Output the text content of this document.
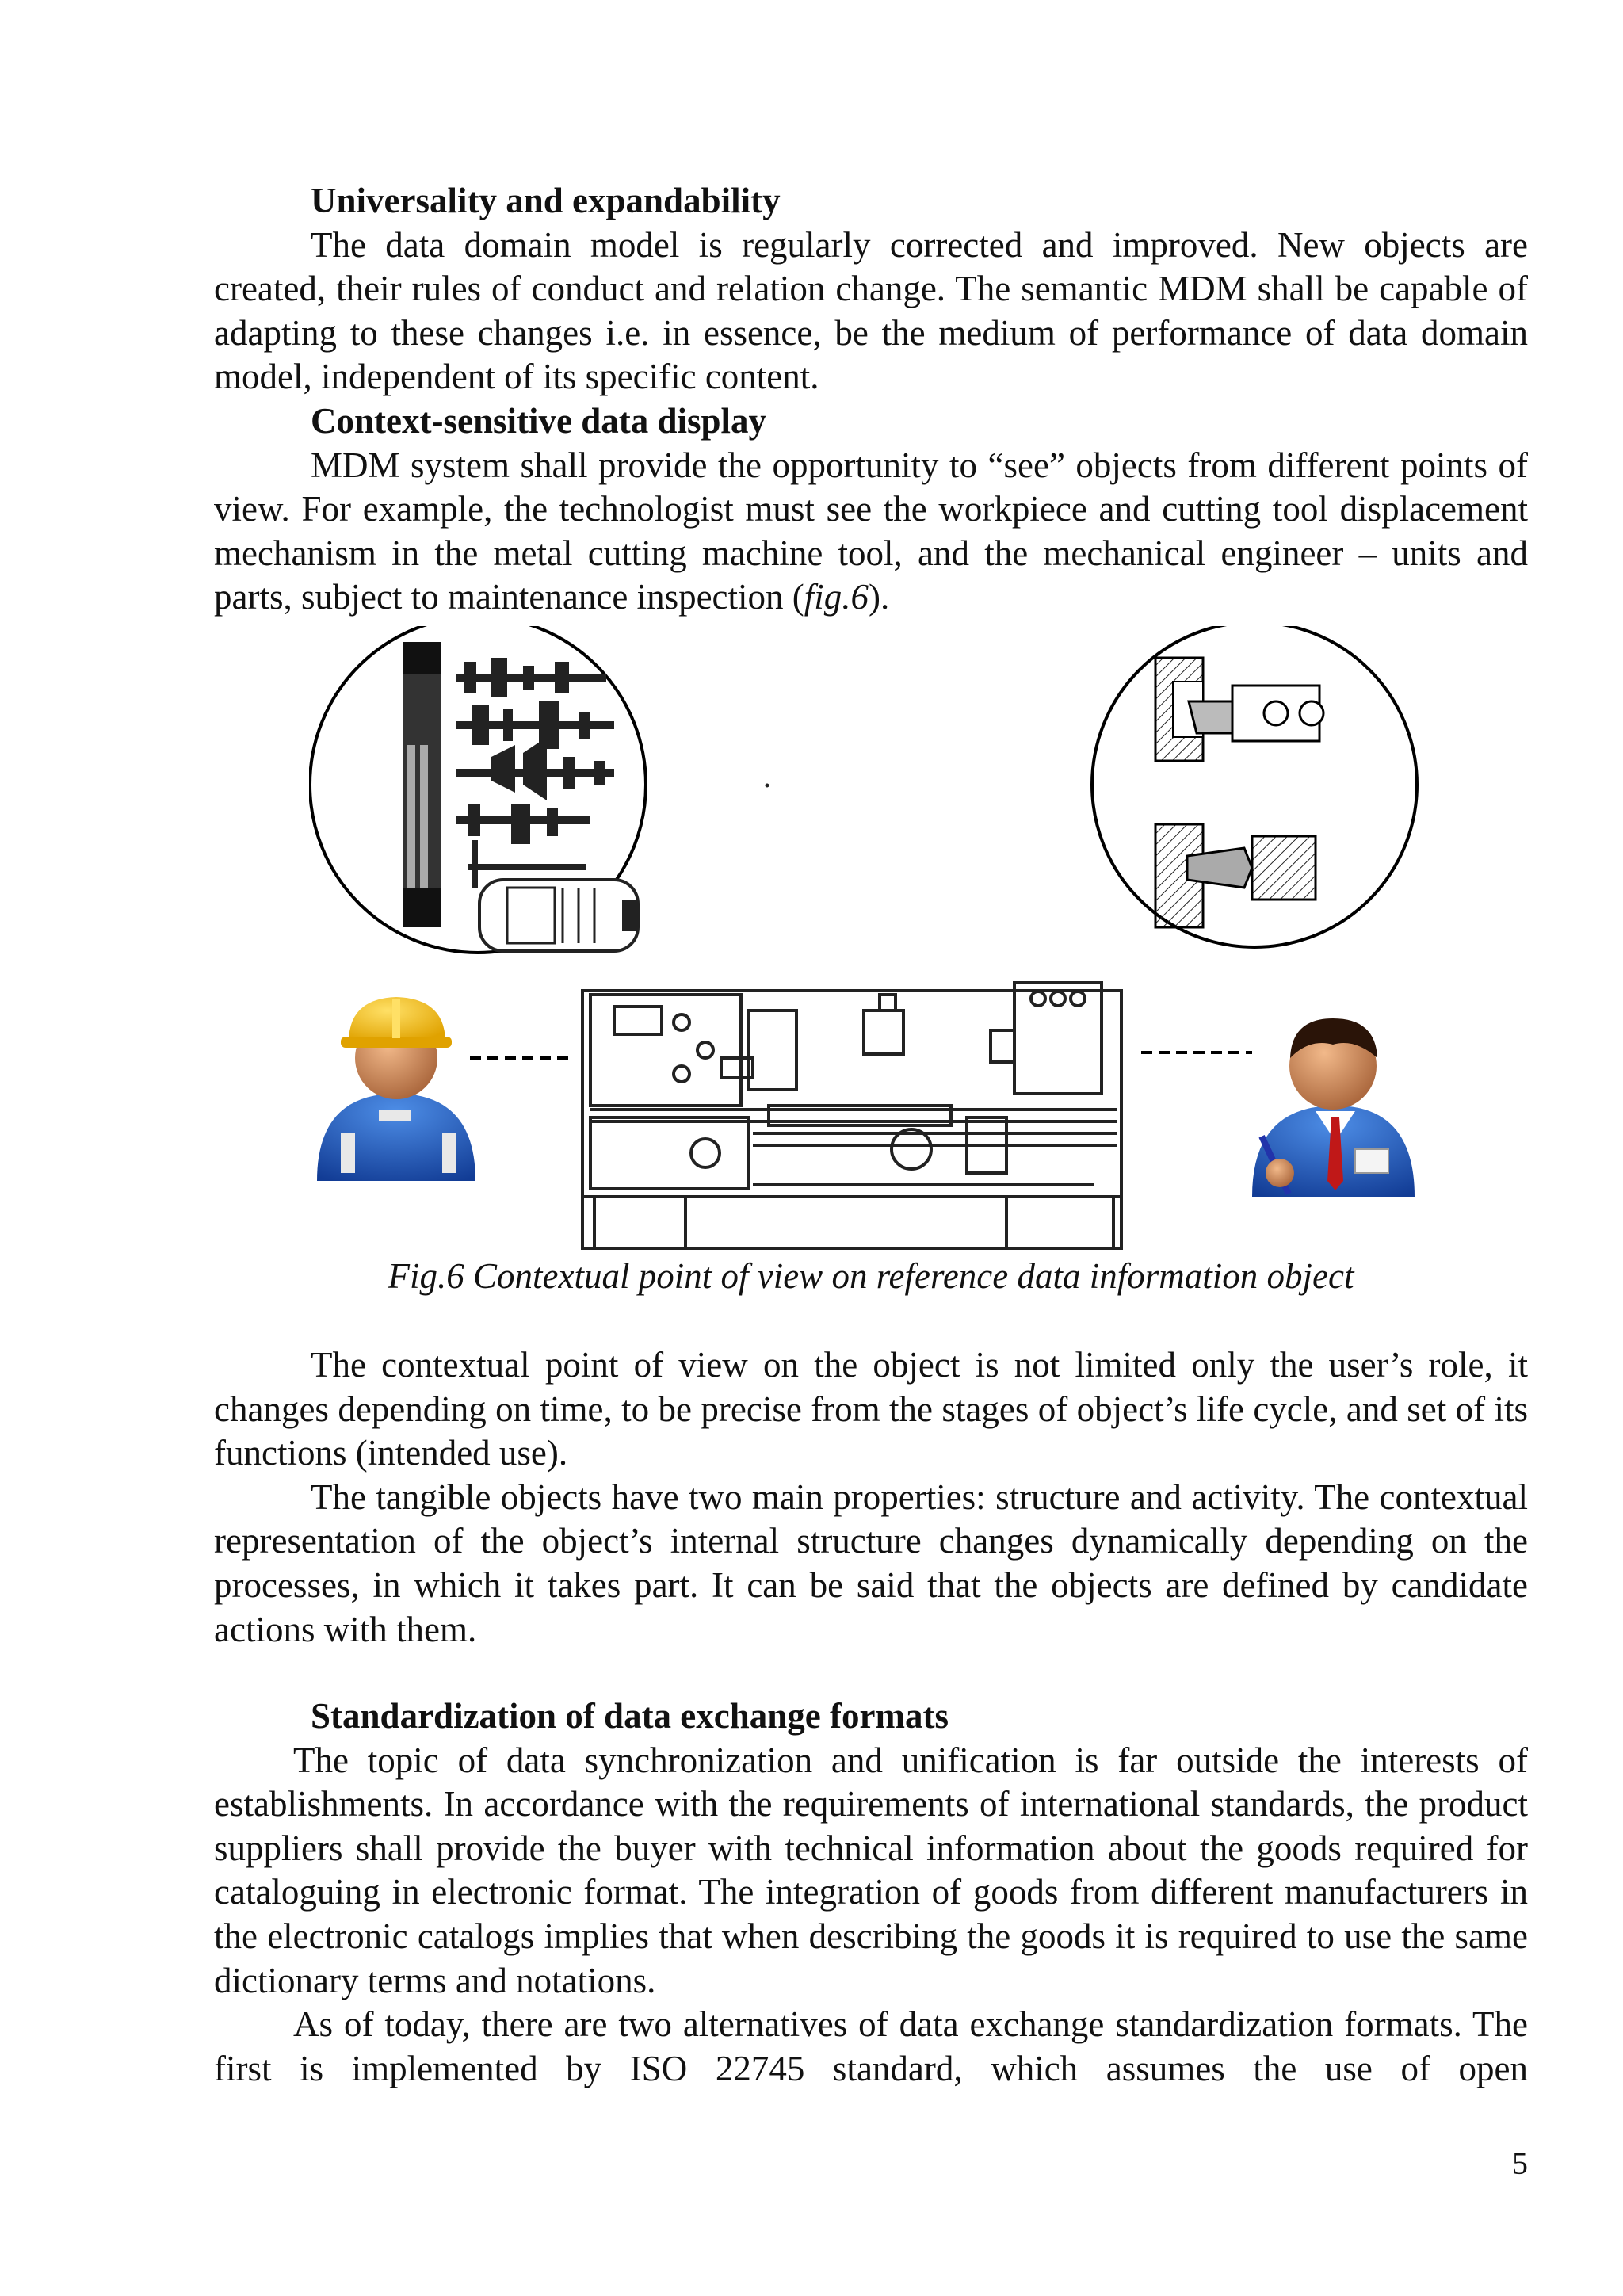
Universality and expandability

The data domain model is regularly corrected and improved. New objects are created, their rules of conduct and relation change. The semantic MDM shall be capable of adapting to these changes i.e. in essence, be the medium of performance of data domain model, independent of its specific content.

Context-sensitive data display

MDM system shall provide the opportunity to “see” objects from different points of view. For example, the technologist must see the workpiece and cutting tool displacement mechanism in the metal cutting machine tool, and the mechanical engineer – units and parts, subject to maintenance inspection (fig.6).

Fig.6 Contextual point of view on reference data information object

The contextual point of view on the object is not limited only the user’s role, it changes depending on time, to be precise from the stages of object’s life cycle, and set of its functions (intended use).

The tangible objects have two main properties: structure and activity. The contextual representation of the object’s internal structure changes dynamically depending on the processes, in which it takes part. It can be said that the objects are defined by candidate actions with them.

Standardization of data exchange formats

The topic of data synchronization and unification is far outside the interests of establishments. In accordance with the requirements of international standards, the product suppliers shall provide the buyer with technical information about the goods required for cataloguing in electronic format. The integration of goods from different manufacturers in the electronic catalogs implies that when describing the goods it is required to use the same dictionary terms and notations.

As of today, there are two alternatives of data exchange standardization formats. The first is implemented by ISO 22745 standard, which assumes the use of open

5
